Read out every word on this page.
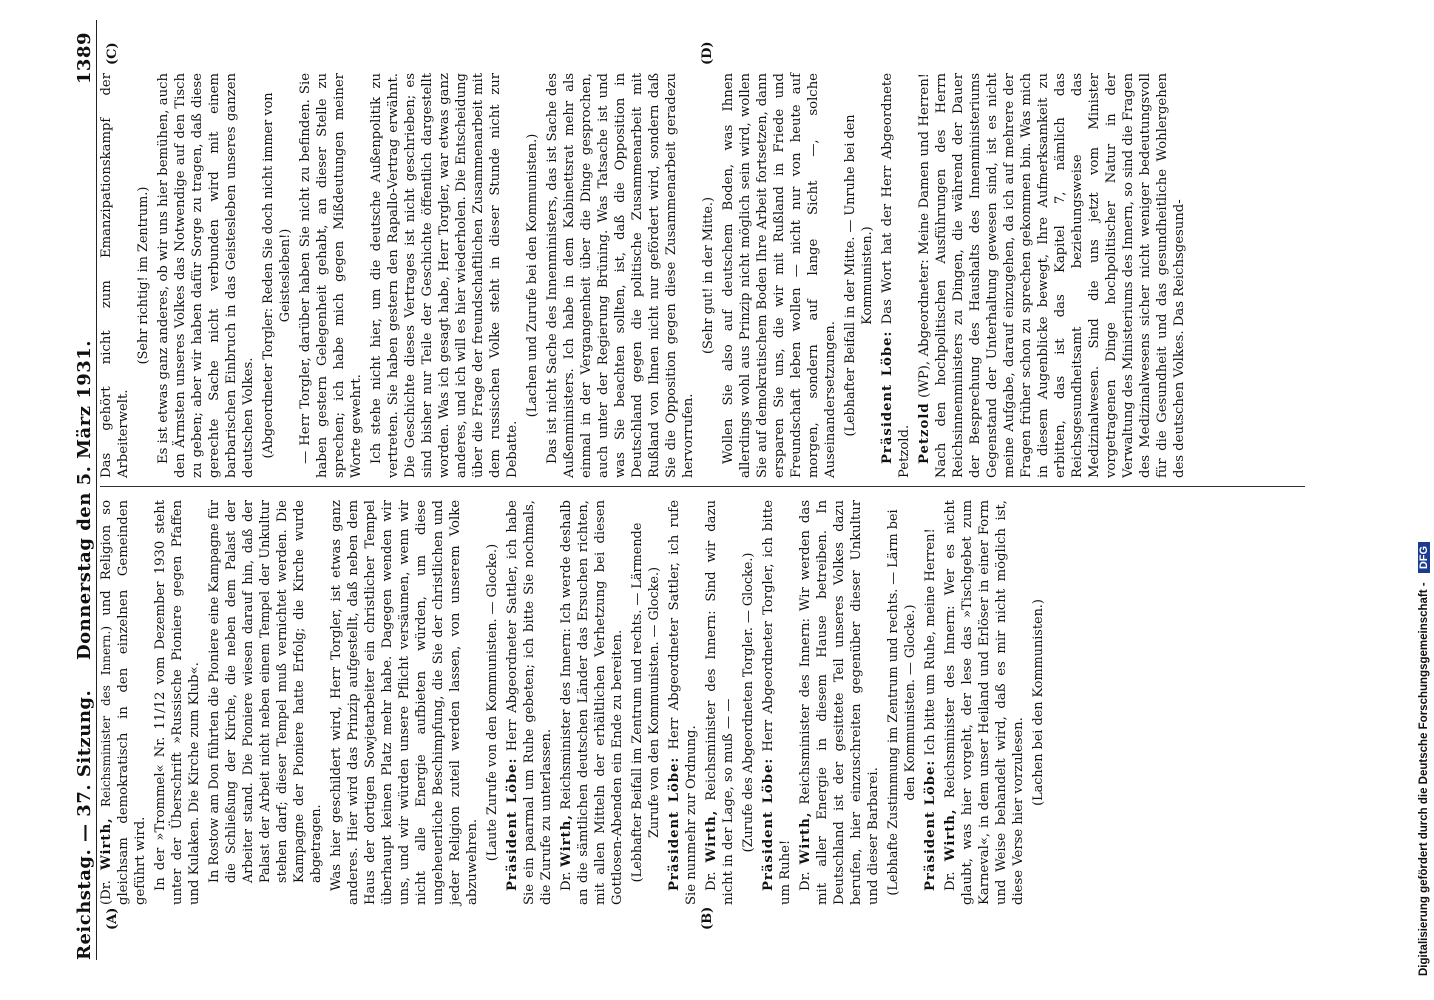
Reichstag. — 37. Sitzung.
Donnerstag den 5. März 1931.
1389
(A)	(B)
(C)	(D)

(Dr. Wirth, Reichsminister des Innern.) und Religion so gleichsam demokratisch in den einzelnen Gemeinden geführt wird. In der »Trommel« Nr. 11/12 vom Dezember 1930 steht unter der Überschrift »Russische Pioniere gegen Pfaffen und Kulaken. Die Kirche zum Klub«. In Rostow am Don führten die Pioniere eine Kampagne für die Schließung der Kirche, die neben dem Palast der Arbeiter stand. Die Pioniere wiesen darauf hin, daß der Palast der Arbeit nicht neben einem Tempel der Unkultur stehen darf; dieser Tempel muß vernichtet werden. Die Kampagne der Pioniere hatte Erfolg; die Kirche wurde abgetragen. Was hier geschildert wird, Herr Torgler, ist etwas ganz anderes. Hier wird das Prinzip aufgestellt, daß neben dem Haus der dortigen Sowjetarbeiter ein christlicher Tempel überhaupt keinen Platz mehr habe. Dagegen wenden wir uns, und wir würden unsere Pflicht versäumen, wenn wir nicht alle Energie aufbieten würden, um diese ungeheuerliche Beschimpfung, die Sie der christlichen und jeder Religion zuteil werden lassen, von unserem Volke abzuwehren.

(Laute Zurufe von den Kommunisten. — Glocke.) Präsident Löbe: Herr Abgeordneter Sattler, ich habe Sie ein paarmal um Ruhe gebeten; ich bitte Sie nochmals, die Zurufe zu unterlassen. Dr. Wirth, Reichsminister des Innern: Ich werde deshalb an die sämtlichen deutschen Länder das Ersuchen richten, mit allen Mitteln der erhältlichen Verhetzung bei diesen Gottlosen-Abenden ein Ende zu bereiten. (Lebhafter Beifall im Zentrum und rechts. — Lärmende Zurufe von den Kommunisten. — Glocke.) Präsident Löbe: Herr Abgeordneter Sattler, ich rufe Sie nunmehr zur Ordnung. Dr. Wirth, Reichsminister des Innern: Sind wir dazu nicht in der Lage, so muß — — (Zurufe des Abgeordneten Torgler. — Glocke.) Präsident Löbe: Herr Abgeordneter Torgler, ich bitte um Ruhe! Dr. Wirth, Reichsminister des Innern: Wir werden das mit aller Energie in diesem Hause betreiben. In Deutschland ist der gesittete Teil unseres Volkes dazu berufen, hier einzuschreiten gegenüber dieser Unkultur und dieser Barbarei. (Lebhafte Zustimmung im Zentrum und rechts. — Lärm bei den Kommunisten. — Glocke.)

Präsident Löbe: Ich bitte um Ruhe, meine Herren!

Dr. Wirth, Reichsminister des Innern: Wer es nicht glaubt, was hier vorgeht, der lese das »Tischgebet zum Karneval«, in dem unser Heiland und Erlöser in einer Form und Weise behandelt wird, daß es mir nicht möglich ist, diese Verse hier vorzulesen.

(Lachen bei den Kommunisten.)

Das gehört nicht zum Emanzipationskampf der Arbeiterwelt.

(Sehr richtig! im Zentrum.) Es ist etwas ganz anderes, ob wir uns hier bemühen, auch den Ärmsten unseres Volkes das Notwendige auf den Tisch zu geben; aber wir haben dafür Sorge zu tragen, daß diese gerechte Sache nicht verbunden wird mit einem barbarischen Einbruch in das Geistesleben unseres ganzen deutschen Volkes. (Abgeordneter Torgler: Reden Sie doch nicht immer von Geistesleben!) — Herr Torgler, darüber haben Sie nicht zu befinden. Sie haben gestern Gelegenheit gehabt, an dieser Stelle zu sprechen; ich habe mich gegen Mißdeutungen meiner Worte gewehrt. Ich stehe nicht hier, um die deutsche Außenpolitik zu vertreten. Sie haben gestern den Rapallo-Vertrag erwähnt. Die Geschichte dieses Vertrages ist nicht geschrieben; es sind bisher nur Teile der Geschichte öffentlich dargestellt worden. Was ich gesagt habe, Herr Torgler, war etwas ganz anderes, und ich will es hier wiederholen. Die Entscheidung über die Frage der freundschaftlichen Zusammenarbeit mit dem russischen Volke steht in dieser Stunde nicht zur Debatte.

(Lachen und Zurufe bei den Kommunisten.) Das ist nicht Sache des Innenministers, das ist Sache des Außenministers. Ich habe in dem Kabinettsrat mehr als einmal in der Vergangenheit über die Dinge gesprochen, auch unter der Regierung Brüning. Was Tatsache ist und was Sie beachten sollten, ist, daß die Opposition in Deutschland gegen die politische Zusammenarbeit mit Rußland von Ihnen nicht nur gefördert wird, sondern daß Sie die Opposition gegen diese Zusammenarbeit geradezu hervorrufen.

(Sehr gut! in der Mitte.) Wollen Sie also auf deutschem Boden, was Ihnen allerdings wohl aus Prinzip nicht möglich sein wird, wollen Sie auf demokratischem Boden Ihre Arbeit fortsetzen, dann ersparen Sie uns, die wir mit Rußland in Friede und Freundschaft leben wollen — nicht nur von heute auf morgen, sondern auf lange Sicht —, solche Auseinandersetzungen. (Lebhafter Beifall in der Mitte. — Unruhe bei den Kommunisten.)

Präsident Löbe: Das Wort hat der Herr Abgeordnete Petzold. Petzold (WP), Abgeordneter: Meine Damen und Herren! Nach den hochpolitischen Ausführungen des Herrn Reichsinnenministers zu Dingen, die während der Dauer der Besprechung des Haushalts des Innenministeriums Gegenstand der Unterhaltung gewesen sind, ist es nicht meine Aufgabe, darauf einzugehen, da ich auf mehrere der Fragen früher schon zu sprechen gekommen bin. Was mich in diesem Augenblicke bewegt, Ihre Aufmerksamkeit zu erbitten, das ist das Kapitel 7, nämlich das Reichsgesundheitsamt beziehungsweise das Medizinalwesen. Sind die uns jetzt vom Minister vorgetragenen Dinge hochpolitischer Natur in der Verwaltung des Ministeriums des Innern, so sind die Fragen des Medizinalwesens sicher nicht weniger bedeutungsvoll für die Gesundheit und das gesundheitliche Wohlergehen des deutschen Volkes. Das Reichsgesund-

Digitalisierung gefördert durch die Deutsche Forschungsgemeinschaft - DFG
